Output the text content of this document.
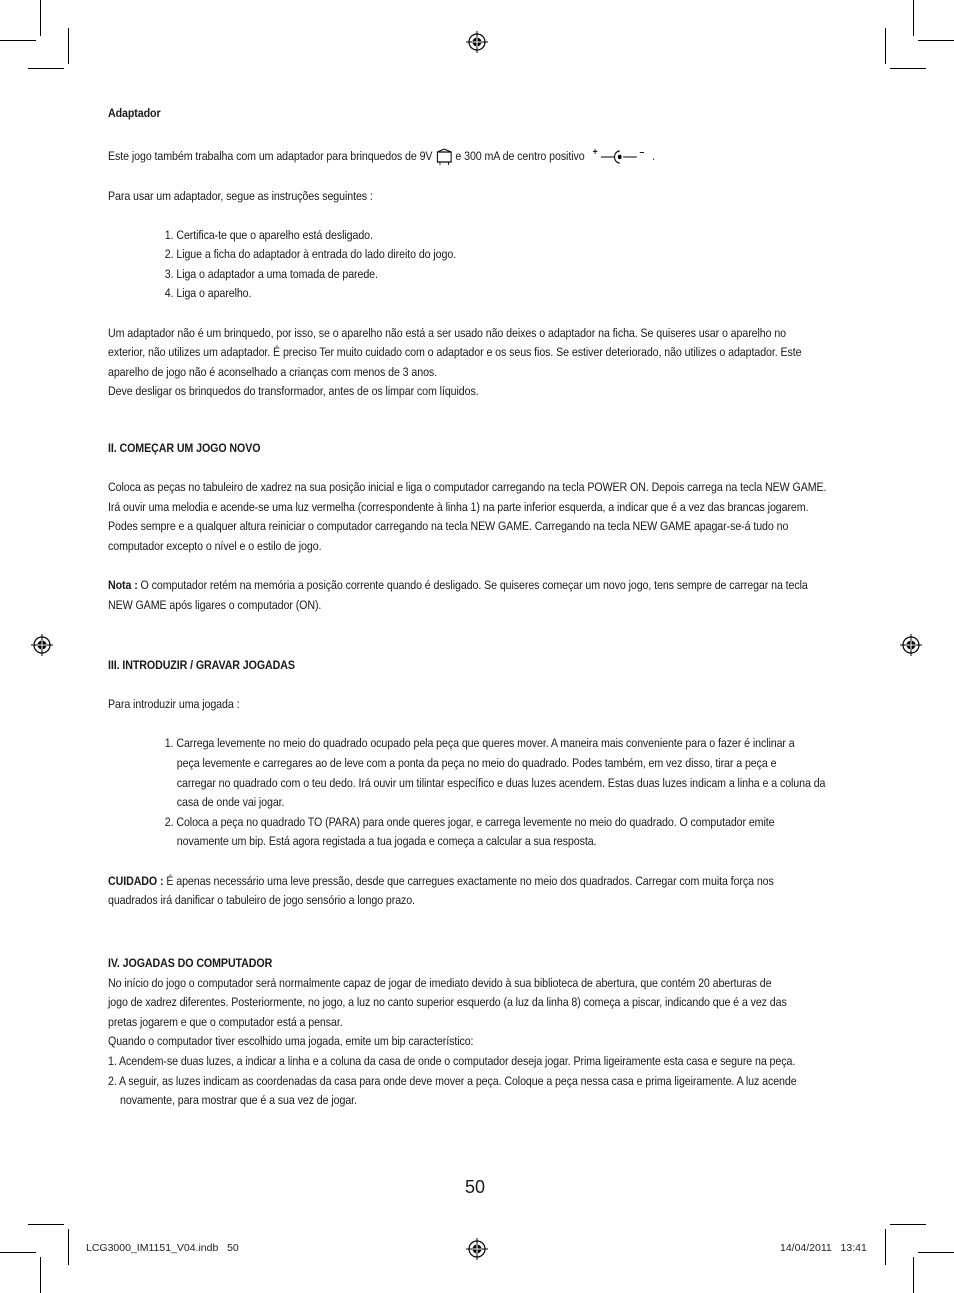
Adaptador
Este jogo também trabalha com um adaptador para brinquedos de 9V e 300 mA de centro positivo +	– .
Para usar um adaptador, segue as instruções seguintes :
1. Certifica-te que o aparelho está desligado.
2. Ligue a ficha do adaptador à entrada do lado direito do jogo.
3. Liga o adaptador a uma tomada de parede.
4. Liga o aparelho.
Um adaptador não é um brinquedo, por isso, se o aparelho não está a ser usado não deixes o adaptador na ficha. Se quiseres usar o aparelho no
exterior, não utilizes um adaptador. É preciso Ter muito cuidado com o adaptador e os seus fios. Se estiver deteriorado, não utilizes o adaptador. Este
aparelho de jogo não é aconselhado a crianças com menos de 3 anos.
Deve desligar os brinquedos do transformador, antes de os limpar com líquidos.
II. COMEÇAR UM JOGO NOVO
Coloca as peças no tabuleiro de xadrez na sua posição inicial e liga o computador carregando na tecla POWER ON. Depois carrega na tecla NEW GAME.
Irá ouvir uma melodia e acende-se uma luz vermelha (correspondente à linha 1) na parte inferior esquerda, a indicar que é a vez das brancas jogarem.
Podes sempre e a qualquer altura reiniciar o computador carregando na tecla NEW GAME. Carregando na tecla NEW GAME apagar-se-á tudo no
computador excepto o nível e o estilo de jogo.
Nota : O computador retém na memória a posição corrente quando é desligado. Se quiseres começar um novo jogo, tens sempre de carregar na tecla
NEW GAME após ligares o computador (ON).
III. INTRODUZIR / GRAVAR JOGADAS
Para introduzir uma jogada :
1. Carrega levemente no meio do quadrado ocupado pela peça que queres mover. A maneira mais conveniente para o fazer é inclinar a
peça levemente e carregares ao de leve com a ponta da peça no meio do quadrado. Podes também, em vez disso, tirar a peça e
carregar no quadrado com o teu dedo. Irá ouvir um tilintar específico e duas luzes acendem. Estas duas luzes indicam a linha e a coluna da
casa de onde vai jogar.
2. Coloca a peça no quadrado TO (PARA) para onde queres jogar, e carrega levemente no meio do quadrado. O computador emite
novamente um bip. Está agora registada a tua jogada e começa a calcular a sua resposta.
CUIDADO : É apenas necessário uma leve pressão, desde que carregues exactamente no meio dos quadrados. Carregar com muita força nos
quadrados irá danificar o tabuleiro de jogo sensório a longo prazo.
IV. JOGADAS DO COMPUTADOR
No início do jogo o computador será normalmente capaz de jogar de imediato devido à sua biblioteca de abertura, que contém 20 aberturas de
jogo de xadrez diferentes. Posteriormente, no jogo, a luz no canto superior esquerdo (a luz da linha 8) começa a piscar, indicando que é a vez das
pretas jogarem e que o computador está a pensar.
Quando o computador tiver escolhido uma jogada, emite um bip característico:
1. Acendem-se duas luzes, a indicar a linha e a coluna da casa de onde o computador deseja jogar. Prima ligeiramente esta casa e segure na peça.
2. A seguir, as luzes indicam as coordenadas da casa para onde deve mover a peça. Coloque a peça nessa casa e prima ligeiramente. A luz acende
novamente, para mostrar que é a sua vez de jogar.
50
LCG3000_IM1151_V04.indb   50	14/04/2011   13:41
